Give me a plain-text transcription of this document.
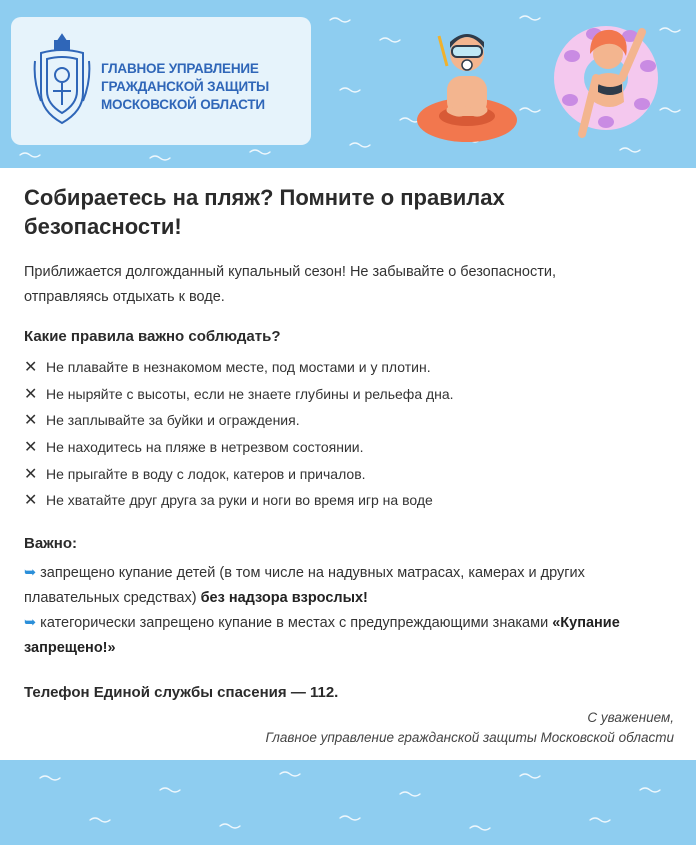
ГЛАВНОЕ УПРАВЛЕНИЕ
ГРАЖДАНСКОЙ ЗАЩИТЫ
МОСКОВСКОЙ ОБЛАСТИ
Собираетесь на пляж? Помните о правилах безопасности!

Приближается долгожданный купальный сезон! Не забывайте о безопасности, отправляясь отдыхать к воде.

Какие правила важно соблюдать?

✕ Не плавайте в незнакомом месте, под мостами и у плотин.
✕ Не ныряйте с высоты, если не знаете глубины и рельефа дна.
✕ Не заплывайте за буйки и ограждения.
✕ Не находитесь на пляже в нетрезвом состоянии.
✕ Не прыгайте в воду с лодок, катеров и причалов.
✕ Не хватайте друг друга за руки и ноги во время игр на воде

Важно:

➥ запрещено купание детей (в том числе на надувных матрасах, камерах и других плавательных средствах) без надзора взрослых!

➥ категорически запрещено купание в местах с предупреждающими знаками «Купание запрещено!»

Телефон Единой службы спасения — 112.

С уважением,

Главное управление гражданской защиты Московской области
